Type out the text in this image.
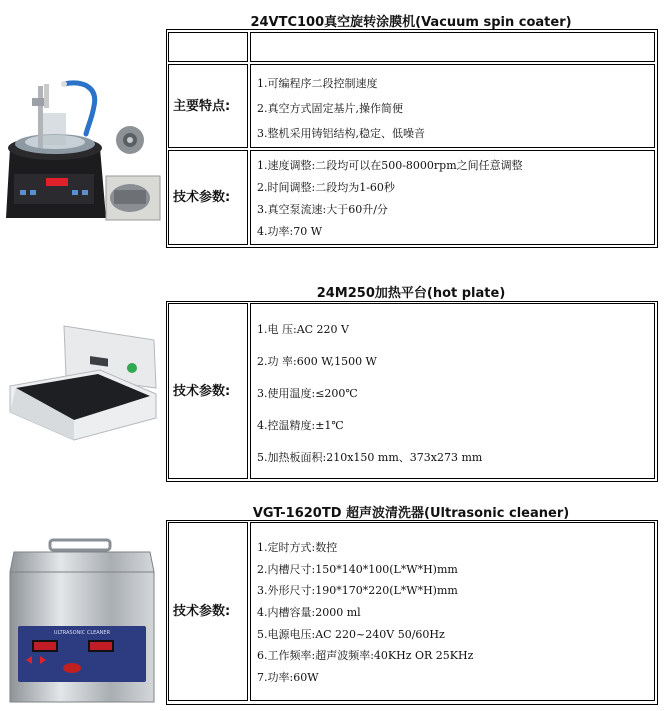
24VTC100真空旋转涂膜机(Vacuum spin coater)
主要特点:
1.可编程序二段控制速度
2.真空方式固定基片,操作简便
3.整机采用铸铝结构,稳定、低噪音
技术参数:
1.速度调整:二段均可以在500-8000rpm之间任意调整
2.时间调整:二段均为1-60秒
3.真空泵流速:大于60升/分
4.功率:70 W
24M250加热平台(hot plate)
技术参数:
1.电 压:AC 220 V
2.功 率:600 W,1500 W
3.使用温度:≤200℃
4.控温精度:±1℃
5.加热板面积:210x150 mm、373x273 mm
VGT-1620TD 超声波清洗器(Ultrasonic cleaner)
ULTRASONIC CLEANER
技术参数:
1.定时方式:数控
2.内槽尺寸:150*140*100(L*W*H)mm
3.外形尺寸:190*170*220(L*W*H)mm
4.内槽容量:2000 ml
5.电源电压:AC 220~240V 50/60Hz
6.工作频率:超声波频率:40KHz OR 25KHz
7.功率:60W
